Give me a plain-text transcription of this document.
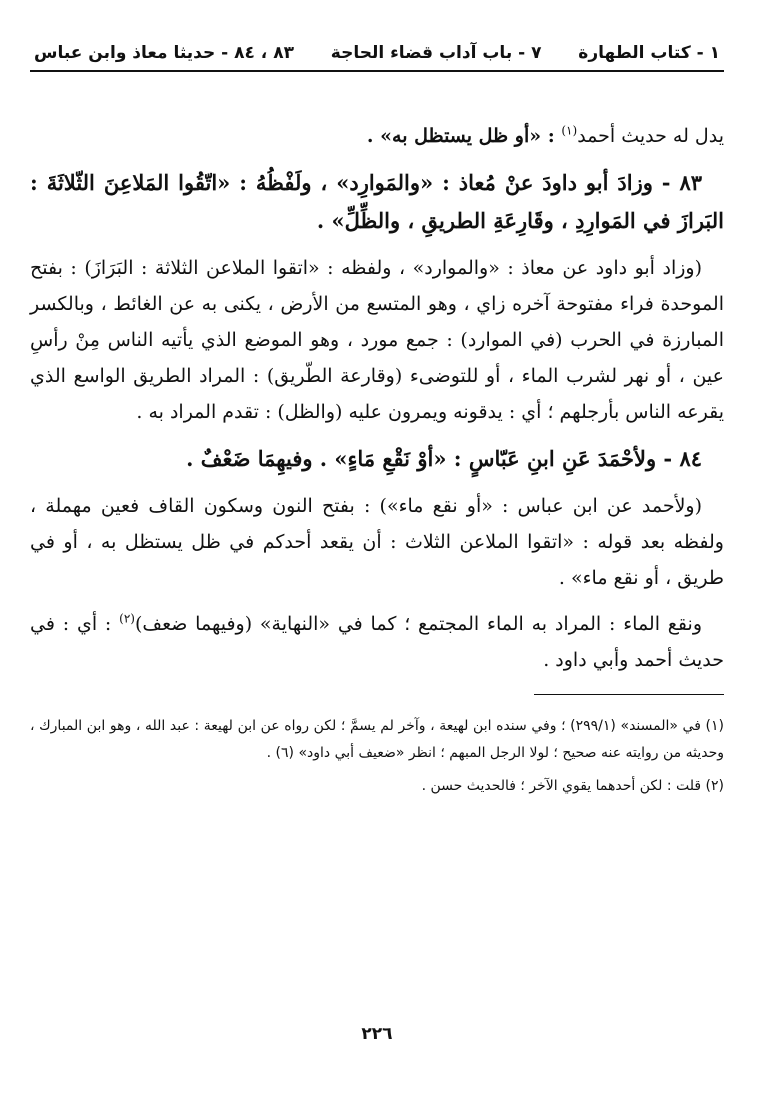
١ - كتاب الطهارة
٧ - باب آداب قضاء الحاجة
٨٣ ، ٨٤ - حديثا معاذ وابن عباس

يدل له حديث أحمد$^{(١)}$ : «أو ظل يستظل به» .

٨٣ - وزادَ أبو داودَ عنْ مُعاذ : «والمَوارِد» ، ولَفْظُهُ : «اتّقُوا المَلاعِنَ الثّلاثَةَ : البَرازَ في المَوارِدِ ، وقَارِعَةِ الطريقِ ، والظِّلِّ» .

(وزاد أبو داود عن معاذ : «والموارد» ، ولفظه : «اتقوا الملاعن الثلاثة : البَرَازَ) : بفتح الموحدة فراء مفتوحة آخره زاي ، وهو المتسع من الأرض ، يكنى به عن الغائط ، وبالكسر المبارزة في الحرب (في الموارد) : جمع مورد ، وهو الموضع الذي يأتيه الناس مِنْ رأسِ عين ، أو نهر لشرب الماء ، أو للتوضىء (وقارعة الطّريق) : المراد الطريق الواسع الذي يقرعه الناس بأرجلهم ؛ أي : يدقونه ويمرون عليه (والظل) : تقدم المراد به .

٨٤ - ولأحْمَدَ عَنِ ابنِ عَبّاسٍ : «أوْ نَقْعِ مَاءٍ» . وفيهِمَا ضَعْفٌ .

(ولأحمد عن ابن عباس : «أو نقع ماء») : بفتح النون وسكون القاف فعين مهملة ، ولفظه بعد قوله : «اتقوا الملاعن الثلاث : أن يقعد أحدكم في ظل يستظل به ، أو في طريق ، أو نقع ماء» .

ونقع الماء : المراد به الماء المجتمع ؛ كما في «النهاية» (وفيهما ضعف)$^{(٢)}$ : أي : في حديث أحمد وأبي داود .

(١) في «المسند» (٢٩٩/١) ؛ وفي سنده ابن لهيعة ، وآخر لم يسمَّ ؛ لكن رواه عن ابن لهيعة : عبد الله ، وهو ابن المبارك ، وحديثه من روايته عنه صحيح ؛ لولا الرجل المبهم ؛ انظر «ضعيف أبي داود» (٦) .

(٢) قلت : لكن أحدهما يقوي الآخر ؛ فالحديث حسن .

٢٢٦
